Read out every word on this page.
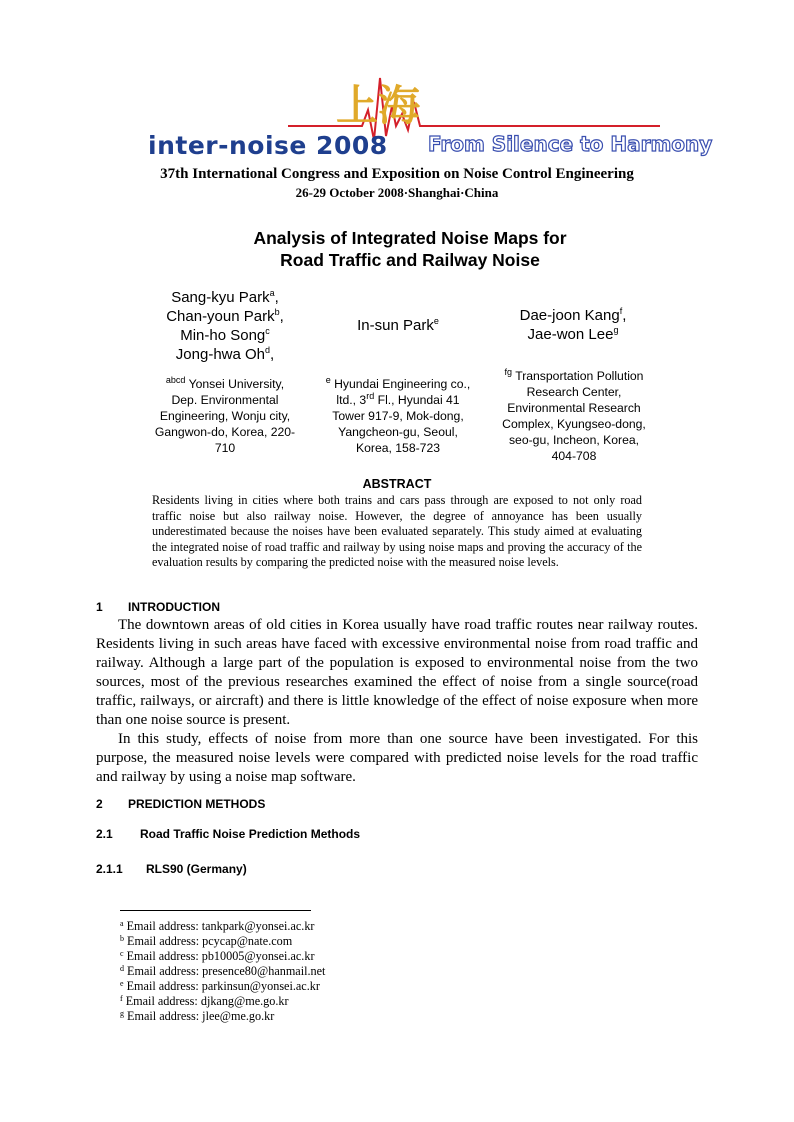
上海
inter-noise 2008 From Silence to Harmony
37th International Congress and Exposition on Noise Control Engineering
26-29 October 2008·Shanghai·China
Analysis of Integrated Noise Maps for
Road Traffic and Railway Noise
Sang-kyu Park$^a$,
Chan-youn Park$^b$,
Min-ho Song$^c$
Jong-hwa Oh$^d$,
In-sun Park$^e$	Dae-joon Kang$^f$,
Jae-won Lee$^g$
$^{abcd}$ Yonsei University,
Dep. Environmental
Engineering, Wonju city,
Gangwon-do, Korea, 220-
710
$^e$ Hyundai Engineering co.,
ltd., 3rd Fl., Hyundai 41
Tower 917-9, Mok-dong,
Yangcheon-gu, Seoul,
Korea, 158-723
$^{fg}$ Transportation Pollution
Research Center,
Environmental Research
Complex, Kyungseo-dong,
seo-gu, Incheon, Korea,
404-708
ABSTRACT
Residents living in cities where both trains and cars pass through are exposed to not only road traffic noise but also railway noise. However, the degree of annoyance has been usually underestimated because the noises have been evaluated separately. This study aimed at evaluating the integrated noise of road traffic and railway by using noise maps and proving the accuracy of the evaluation results by comparing the predicted noise with the measured noise levels.
1 INTRODUCTION

The downtown areas of old cities in Korea usually have road traffic routes near railway routes. Residents living in such areas have faced with excessive environmental noise from road traffic and railway. Although a large part of the population is exposed to environmental noise from the two sources, most of the previous researches examined the effect of noise from a single source(road traffic, railways, or aircraft) and there is little knowledge of the effect of noise exposure when more than one noise source is present.

In this study, effects of noise from more than one source have been investigated. For this purpose, the measured noise levels were compared with predicted noise levels for the road traffic and railway by using a noise map software.

2 PREDICTION METHODS
2.1 Road Traffic Noise Prediction Methods
2.1.1 RLS90 (Germany)
$^a$ Email address: tankpark@yonsei.ac.kr
$^b$ Email address: pcycap@nate.com
$^c$ Email address: pb10005@yonsei.ac.kr
$^d$ Email address: presence80@hanmail.net
$^e$ Email address: parkinsun@yonsei.ac.kr
$^f$ Email address: djkang@me.go.kr
$^g$ Email address: jlee@me.go.kr
